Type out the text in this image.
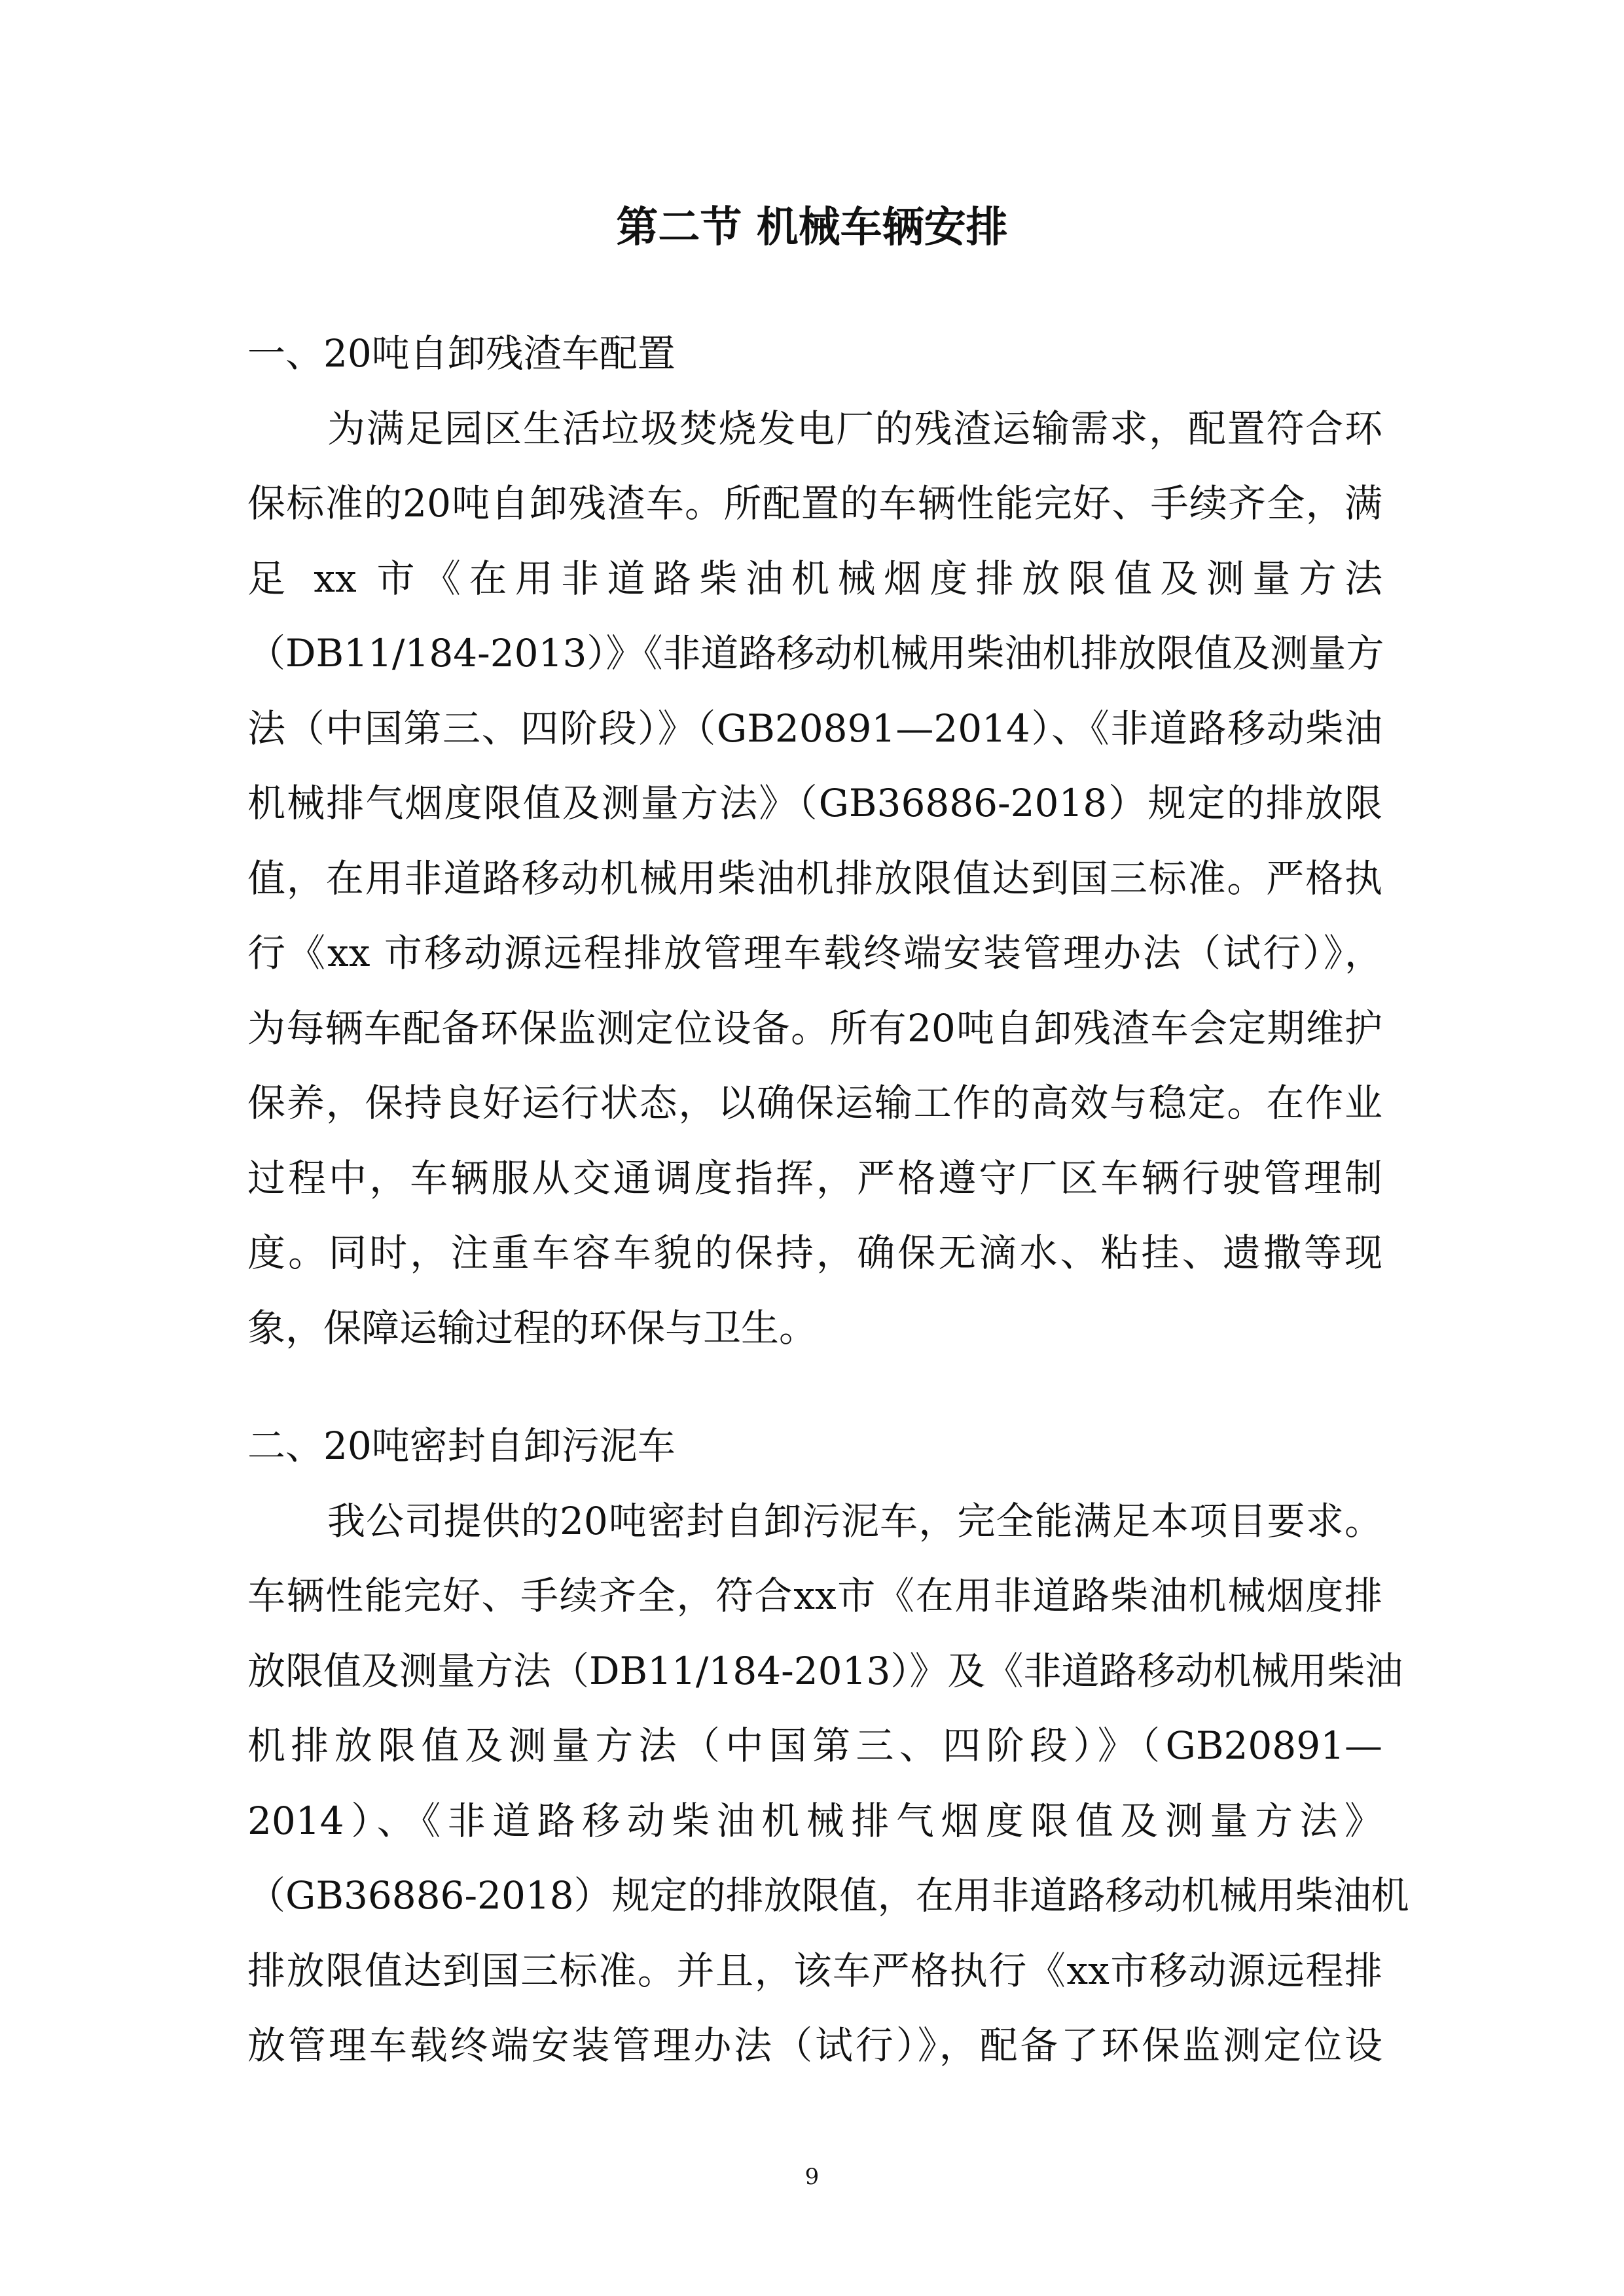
第二节 机械车辆安排
一、20吨自卸残渣车配置
为满足园区生活垃圾焚烧发电厂的残渣运输需求，配置符合环
保标准的20吨自卸残渣车。所配置的车辆性能完好、手续齐全，满
足 xx 市《在用非道路柴油机械烟度排放限值及测量方法
（DB11/184-2013）》《非道路移动机械用柴油机排放限值及测量方
法（中国第三、四阶段）》（GB20891—2014）、《非道路移动柴油
机械排气烟度限值及测量方法》（GB36886-2018）规定的排放限
值，在用非道路移动机械用柴油机排放限值达到国三标准。严格执
行《xx 市移动源远程排放管理车载终端安装管理办法（试行）》，
为每辆车配备环保监测定位设备。所有20吨自卸残渣车会定期维护
保养，保持良好运行状态，以确保运输工作的高效与稳定。在作业
过程中，车辆服从交通调度指挥，严格遵守厂区车辆行驶管理制
度。同时，注重车容车貌的保持，确保无滴水、粘挂、遗撒等现
象，保障运输过程的环保与卫生。
二、20吨密封自卸污泥车
我公司提供的20吨密封自卸污泥车，完全能满足本项目要求。
车辆性能完好、手续齐全，符合xx市《在用非道路柴油机械烟度排
放限值及测量方法（DB11/184-2013）》及《非道路移动机械用柴油
机排放限值及测量方法（中国第三、四阶段）》（GB20891—
2014）、《非道路移动柴油机械排气烟度限值及测量方法》
（GB36886-2018）规定的排放限值，在用非道路移动机械用柴油机
排放限值达到国三标准。并且，该车严格执行《xx市移动源远程排
放管理车载终端安装管理办法（试行）》，配备了环保监测定位设
9
